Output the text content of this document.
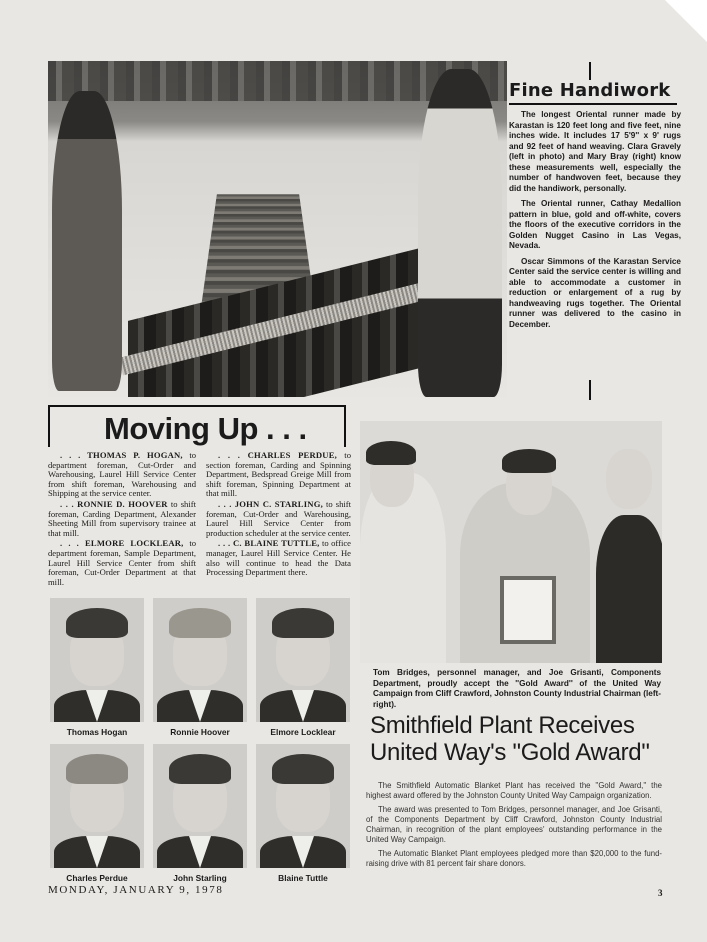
Fine Handiwork

The longest Oriental runner made by Karastan is 120 feet long and five feet, nine inches wide. It includes 17 5'9'' x 9' rugs and 92 feet of hand weaving. Clara Gravely (left in photo) and Mary Bray (right) know these measurements well, especially the number of handwoven feet, because they did the handiwork, personally.

The Oriental runner, Cathay Medallion pattern in blue, gold and off-white, covers the floors of the executive corridors in the Golden Nugget Casino in Las Vegas, Nevada.

Oscar Simmons of the Karastan Service Center said the service center is willing and able to accommodate a customer in reduction or enlargement of a rug by handweaving rugs together. The Oriental runner was delivered to the casino in December.

Moving Up . . .

. . . THOMAS P. HOGAN, to department foreman, Cut-Order and Warehousing, Laurel Hill Service Center from shift foreman, Warehousing and Shipping at the service center.

. . . RONNIE D. HOOVER to shift foreman, Carding Department, Alexander Sheeting Mill from supervisory trainee at that mill.

. . . ELMORE LOCKLEAR, to department foreman, Sample Department, Laurel Hill Service Center from shift foreman, Cut-Order Department at that mill.

. . . CHARLES PERDUE, to section foreman, Carding and Spinning Department, Bedspread Greige Mill from shift foreman, Spinning Department at that mill.

. . . JOHN C. STARLING, to shift foreman, Cut-Order and Warehousing, Laurel Hill Service Center from production scheduler at the service center.

. . . C. BLAINE TUTTLE, to office manager, Laurel Hill Service Center. He also will continue to head the Data Processing Department there.

Thomas Hogan	Ronnie Hoover	Elmore Locklear
Charles Perdue	John Starling	Blaine Tuttle
Tom Bridges, personnel manager, and Joe Grisanti, Components Department, proudly accept the ''Gold Award'' of the United Way Campaign from Cliff Crawford, Johnston County Industrial Chairman (left-right).
Smithfield Plant Receives United Way's "Gold Award"

The Smithfield Automatic Blanket Plant has received the ''Gold Award,'' the highest award offered by the Johnston County United Way Campaign organization.

The award was presented to Tom Bridges, personnel manager, and Joe Grisanti, of the Components Department by Cliff Crawford, Johnston County Industrial Chairman, in recognition of the plant employees' outstanding performance in the United Way Campaign.

The Automatic Blanket Plant employees pledged more than $20,000 to the fund-raising drive with 81 percent fair share donors.

MONDAY, JANUARY 9, 1978	3
